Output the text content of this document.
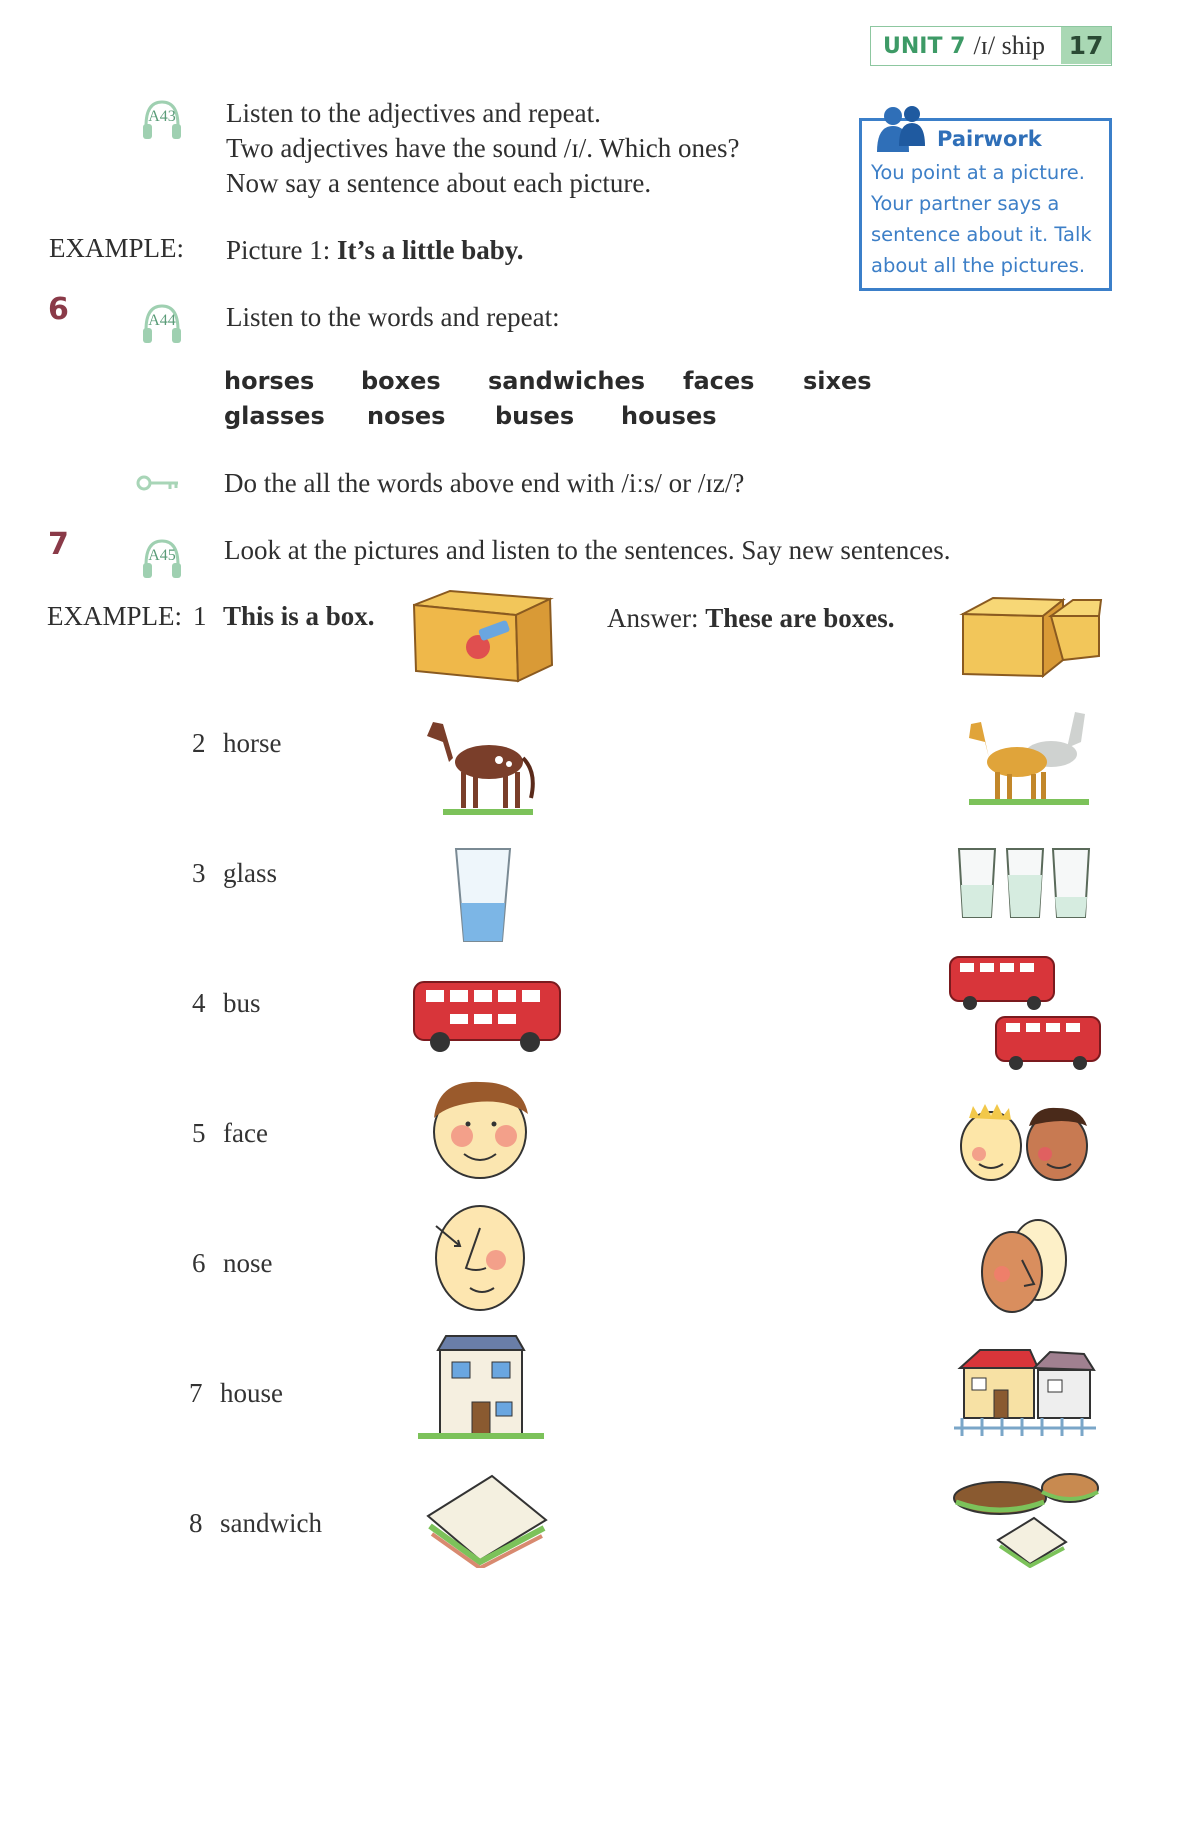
UNIT 7 /ɪ/ ship 17
A43	Listen to the adjectives and repeat.
Two adjectives have the sound /ɪ/. Which ones?
Now say a sentence about each picture.
EXAMPLE: Picture 1: It’s a little baby.
Pairwork
You point at a picture.
Your partner says a
sentence about it. Talk
about all the pictures.
6	A44	Listen to the words and repeat:
horses boxes sandwiches faces sixes
glasses noses buses houses
Do the all the words above end with /iːs/ or /ɪz/?
7	A45	Look at the pictures and listen to the sentences. Say new sentences.
EXAMPLE: 1 This is a box.	Answer: These are boxes.
2 horse
3 glass
4 bus
5 face
6 nose
7 house
8 sandwich
